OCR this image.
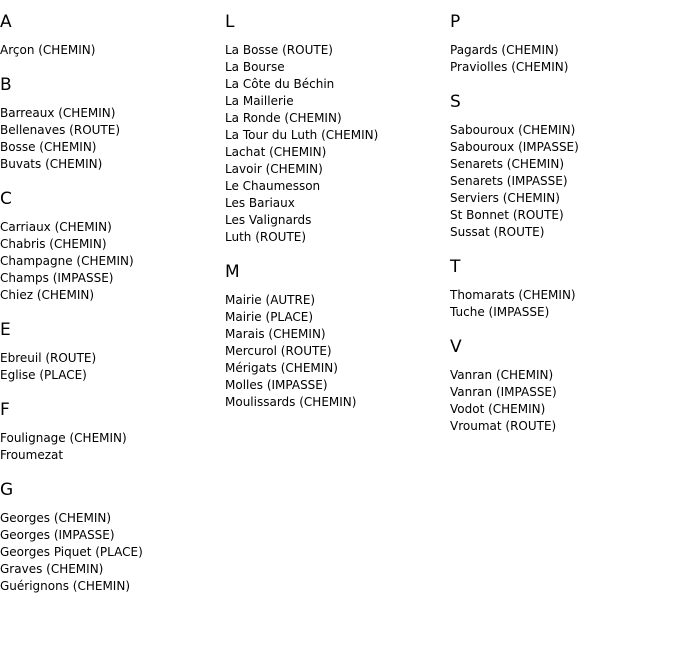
A
Arçon (CHEMIN)
B
Barreaux (CHEMIN)
Bellenaves (ROUTE)
Bosse (CHEMIN)
Buvats (CHEMIN)
C
Carriaux (CHEMIN)
Chabris (CHEMIN)
Champagne (CHEMIN)
Champs (IMPASSE)
Chiez (CHEMIN)
E
Ebreuil (ROUTE)
Eglise (PLACE)
F
Foulignage (CHEMIN)
Froumezat
G
Georges (CHEMIN)
Georges (IMPASSE)
Georges Piquet (PLACE)
Graves (CHEMIN)
Guérignons (CHEMIN)
L
La Bosse (ROUTE)
La Bourse
La Côte du Béchin
La Maillerie
La Ronde (CHEMIN)
La Tour du Luth (CHEMIN)
Lachat (CHEMIN)
Lavoir (CHEMIN)
Le Chaumesson
Les Bariaux
Les Valignards
Luth (ROUTE)
M
Mairie (AUTRE)
Mairie (PLACE)
Marais (CHEMIN)
Mercurol (ROUTE)
Mérigats (CHEMIN)
Molles (IMPASSE)
Moulissards (CHEMIN)
P
Pagards (CHEMIN)
Praviolles (CHEMIN)
S
Sabouroux (CHEMIN)
Sabouroux (IMPASSE)
Senarets (CHEMIN)
Senarets (IMPASSE)
Serviers (CHEMIN)
St Bonnet (ROUTE)
Sussat (ROUTE)
T
Thomarats (CHEMIN)
Tuche (IMPASSE)
V
Vanran (CHEMIN)
Vanran (IMPASSE)
Vodot (CHEMIN)
Vroumat (ROUTE)
